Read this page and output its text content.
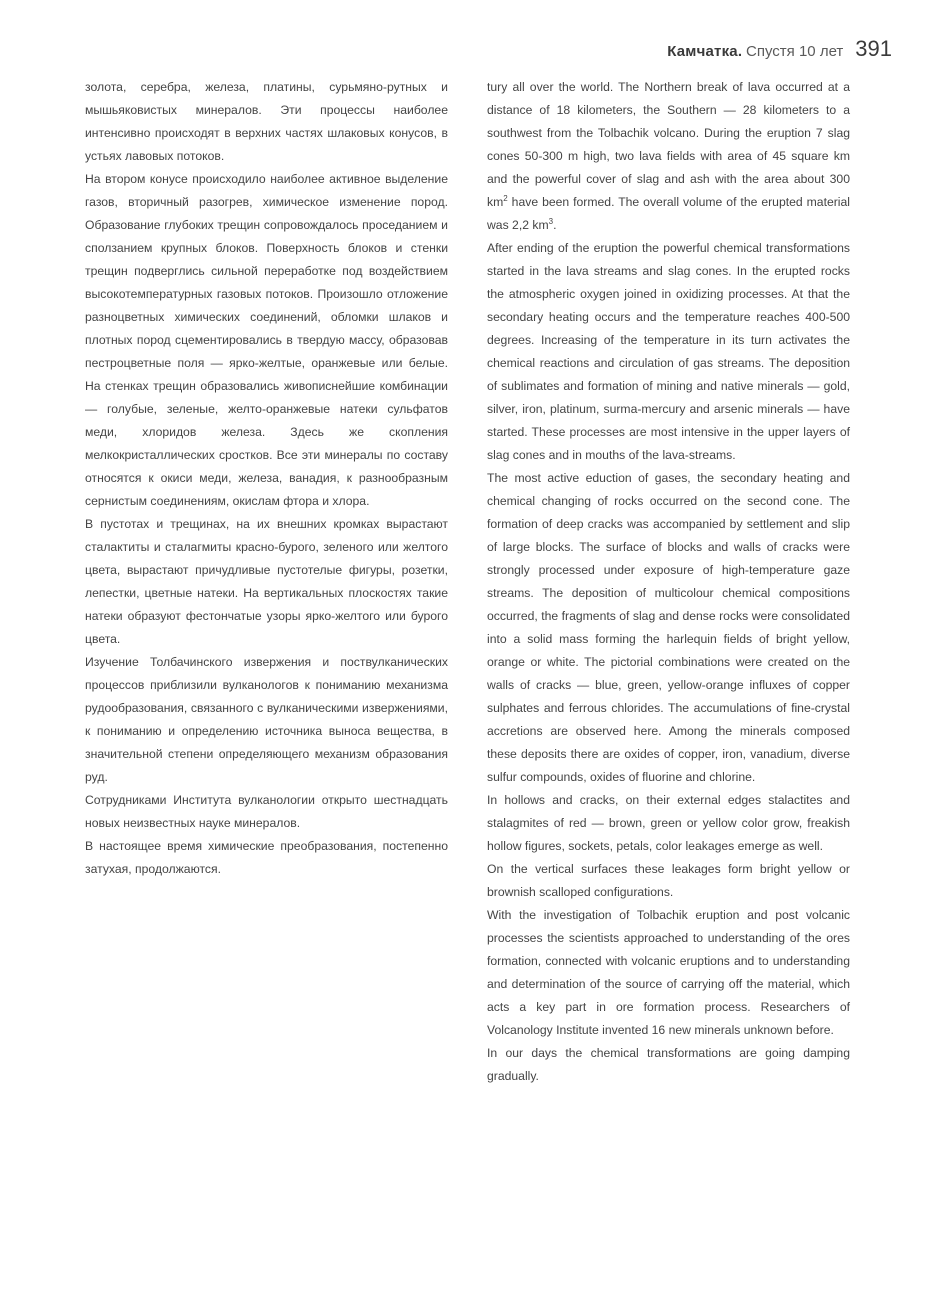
Камчатка . Спустя 10 лет 391

золота, серебра, железа, платины, сурьмяно-рутных и мышьяковистых минералов. Эти процессы наиболее интенсивно происходят в верхних частях шлаковых конусов, в устьях лавовых потоков.

На втором конусе происходило наиболее активное выделение газов, вторичный разогрев, химическое изменение пород. Образование глубоких трещин сопровождалось проседанием и сползанием крупных блоков. Поверхность блоков и стенки трещин подверглись сильной переработке под воздействием высокотемпературных газовых потоков. Произошло отложение разноцветных химических соединений, обломки шлаков и плотных пород сцементировались в твердую массу, образовав пестроцветные поля — ярко-желтые, оранжевые или белые. На стенках трещин образовались живописнейшие комбинации — голубые, зеленые, желто-оранжевые натеки сульфатов меди, хлоридов железа. Здесь же скопления мелкокристаллических сростков. Все эти минералы по составу относятся к окиси меди, железа, ванадия, к разнообразным сернистым соединениям, окислам фтора и хлора.

В пустотах и трещинах, на их внешних кромках вырастают сталактиты и сталагмиты красно-бурого, зеленого или желтого цвета, вырастают причудливые пустотелые фигуры, розетки, лепестки, цветные натеки. На вертикальных плоскостях такие натеки образуют фестончатые узоры ярко-желтого или бурого цвета.

Изучение Толбачинского извержения и поствулканических процессов приблизили вулканологов к пониманию механизма рудообразования, связанного с вулканическими извержениями, к пониманию и определению источника выноса вещества, в значительной степени определяющего механизм образования руд.

Сотрудниками Института вулканологии открыто шестнадцать новых неизвестных науке минералов.

В настоящее время химические преобразования, постепенно затухая, продолжаются.

tury all over the world. The Northern break of lava occurred at a distance of 18 kilometers, the Southern — 28 kilometers to a southwest from the Tolbachik volcano. During the eruption 7 slag cones 50-300 m high, two lava fields with area of 45 square km and the powerful cover of slag and ash with the area about 300 $km^2$ have been formed. The overall volume of the erupted material was 2,2 $km^3$.

After ending of the eruption the powerful chemical transformations started in the lava streams and slag cones. In the erupted rocks the atmospheric oxygen joined in oxidizing processes. At that the secondary heating occurs and the temperature reaches 400-500 degrees. Increasing of the temperature in its turn activates the chemical reactions and circulation of gas streams. The deposition of sublimates and formation of mining and native minerals — gold, silver, iron, platinum, surma-mercury and arsenic minerals — have started. These processes are most intensive in the upper layers of slag cones and in mouths of the lava-streams.

The most active eduction of gases, the secondary heating and chemical changing of rocks occurred on the second cone. The formation of deep cracks was accompanied by settlement and slip of large blocks. The surface of blocks and walls of cracks were strongly processed under exposure of high-temperature gaze streams. The deposition of multicolour chemical compositions occurred, the fragments of slag and dense rocks were consolidated into a solid mass forming the harlequin fields of bright yellow, orange or white. The pictorial combinations were created on the walls of cracks — blue, green, yellow-orange influxes of copper sulphates and ferrous chlorides. The accumulations of fine-crystal accretions are observed here. Among the minerals composed these deposits there are oxides of copper, iron, vanadium, diverse sulfur compounds, oxides of fluorine and chlorine.

In hollows and cracks, on their external edges stalactites and stalagmites of red — brown, green or yellow color grow, freakish hollow figures, sockets, petals, color leakages emerge as well.

On the vertical surfaces these leakages form bright yellow or brownish scalloped configurations.

With the investigation of Tolbachik eruption and post volcanic processes the scientists approached to understanding of the ores formation, connected with volcanic eruptions and to understanding and determination of the source of carrying off the material, which acts a key part in ore formation process. Researchers of Volcanology Institute invented 16 new minerals unknown before.

In our days the chemical transformations are going damping gradually.
